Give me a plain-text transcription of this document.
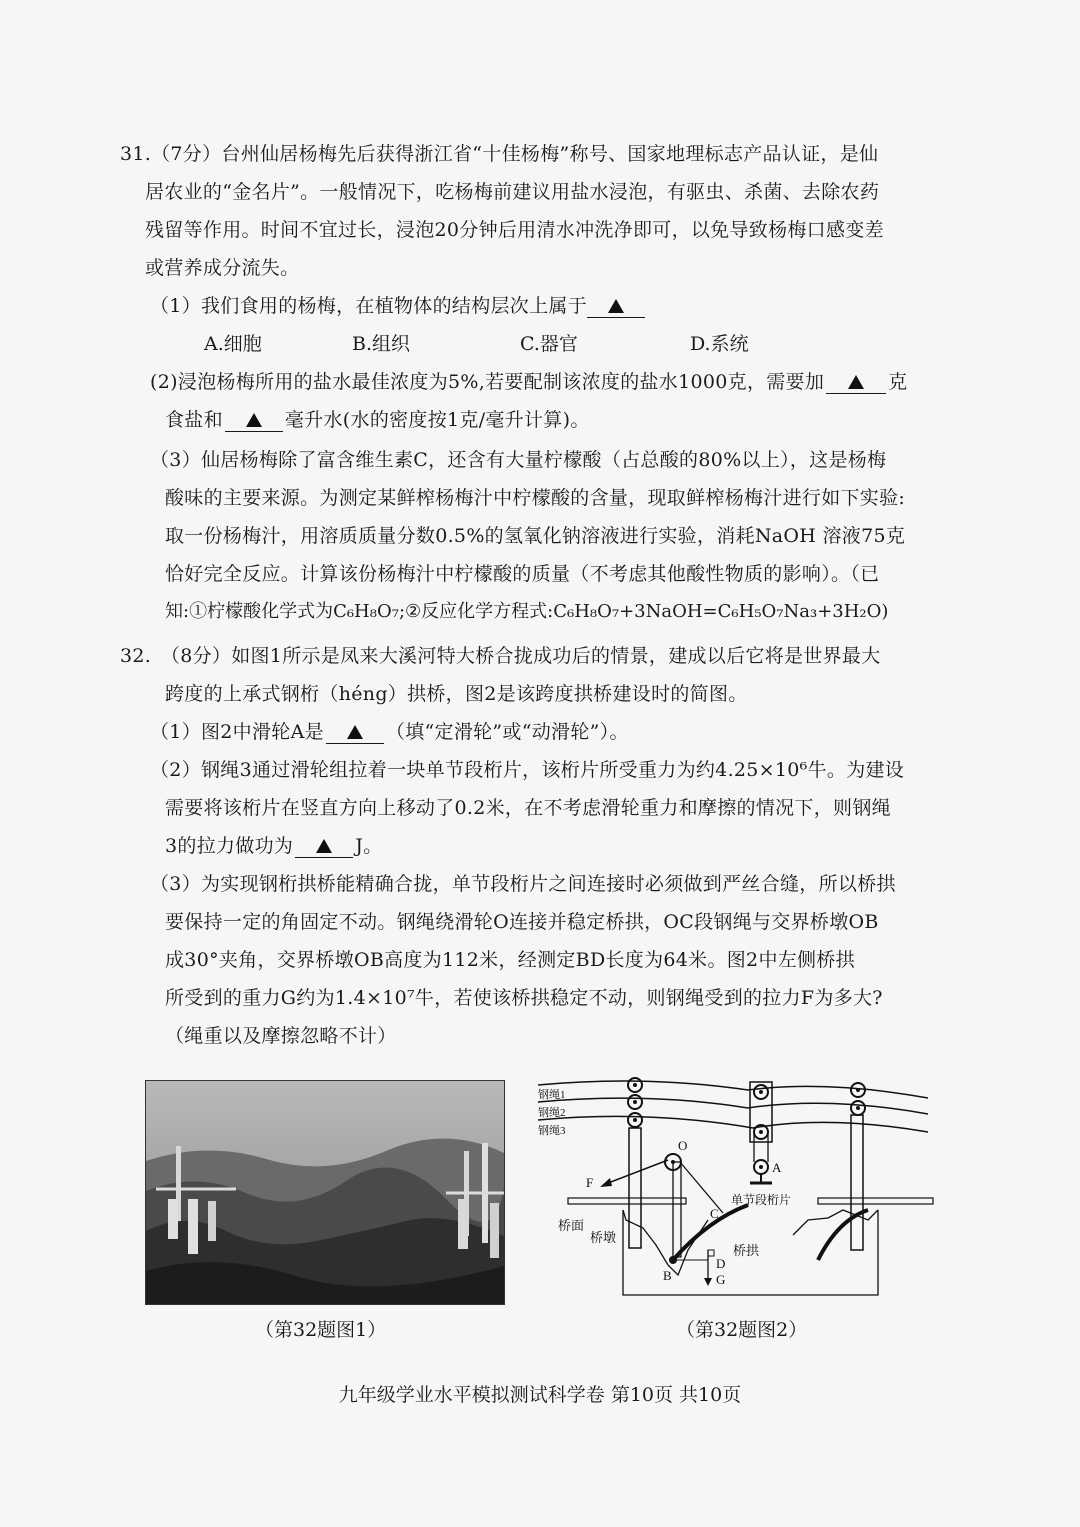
31.（7分）台州仙居杨梅先后获得浙江省“十佳杨梅”称号、国家地理标志产品认证，是仙
居农业的“金名片”。一般情况下，吃杨梅前建议用盐水浸泡，有驱虫、杀菌、去除农药
残留等作用。时间不宜过长，浸泡20分钟后用清水冲洗净即可，以免导致杨梅口感变差
或营养成分流失。
（1）我们食用的杨梅，在植物体的结构层次上属于
A.细胞	B.组织	C.器官	D.系统
(2)浸泡杨梅所用的盐水最佳浓度为5%,若要配制该浓度的盐水1000克，需要加	克
食盐和	毫升水(水的密度按1克/毫升计算)。
（3）仙居杨梅除了富含维生素C，还含有大量柠檬酸（占总酸的80%以上），这是杨梅
酸味的主要来源。为测定某鲜榨杨梅汁中柠檬酸的含量，现取鲜榨杨梅汁进行如下实验:
取一份杨梅汁，用溶质质量分数0.5%的氢氧化钠溶液进行实验，消耗NaOH 溶液75克
恰好完全反应。计算该份杨梅汁中柠檬酸的质量（不考虑其他酸性物质的影响）。（已
知:①柠檬酸化学式为C₆H₈O₇;②反应化学方程式:C₆H₈O₇+3NaOH=C₆H₅O₇Na₃+3H₂O)
32.　（8分）如图1所示是凤来大溪河特大桥合拢成功后的情景，建成以后它将是世界最大
跨度的上承式钢桁（héng）拱桥，图2是该跨度拱桥建设时的简图。
（1）图2中滑轮A是	（填“定滑轮”或“动滑轮”）。
（2）钢绳3通过滑轮组拉着一块单节段桁片，该桁片所受重力为约4.25×10⁶牛。为建设
需要将该桁片在竖直方向上移动了0.2米，在不考虑滑轮重力和摩擦的情况下，则钢绳
3的拉力做功为	J。
（3）为实现钢桁拱桥能精确合拢，单节段桁片之间连接时必须做到严丝合缝，所以桥拱
要保持一定的角固定不动。钢绳绕滑轮O连接并稳定桥拱，OC段钢绳与交界桥墩OB
成30°夹角，交界桥墩OB高度为112米，经测定BD长度为64米。图2中左侧桥拱
所受到的重力G约为1.4×10⁷牛，若使该桥拱稳定不动，则钢绳受到的拉力F为多大?
（绳重以及摩擦忽略不计）
钢绳1
钢绳2
钢绳3
A
单节段桁片
O
F
C
D
G
B
桥面
桥墩
桥拱
（第32题图1）	（第32题图2）
九年级学业水平模拟测试科学卷 第10页 共10页
